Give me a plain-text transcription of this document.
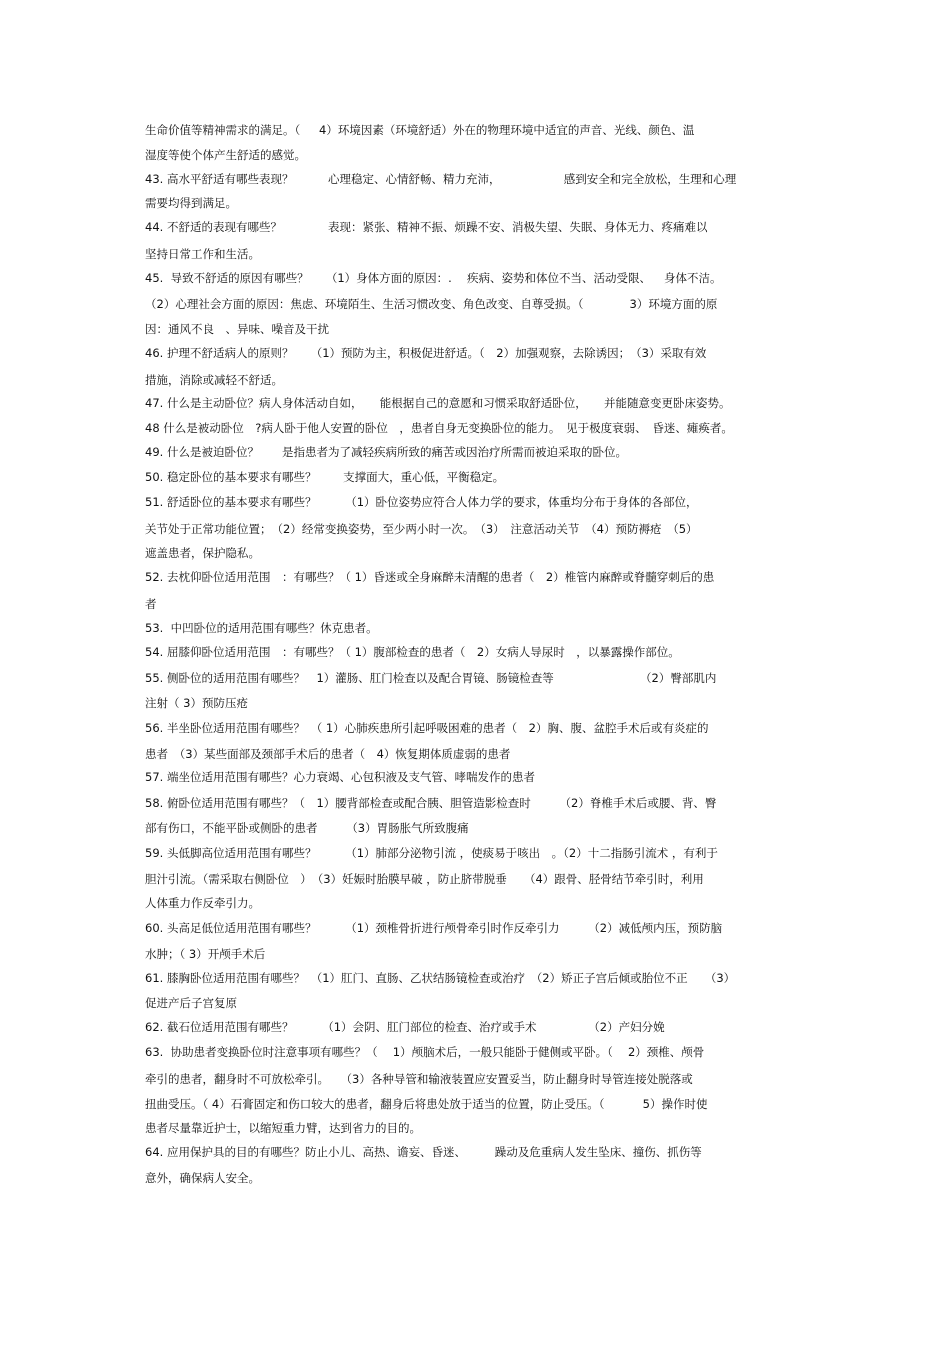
生命价值等精神需求的满足。（　  4）环境因素（环境舒适）外在的物理环境中适宜的声音、光线、颜色、温
湿度等使个体产生舒适的感觉。
43. 高水平舒适有哪些表现？　　　心理稳定、心情舒畅、精力充沛，　　　　　　感到安全和完全放松，生理和心理
需要均得到满足。
44. 不舒适的表现有哪些？　　　　表现：紧张、精神不振、烦躁不安、消极失望、失眠、身体无力、疼痛难以
坚持日常工作和生活。
45.  导致不舒适的原因有哪些？　　（1）身体方面的原因：.　 疾病、姿势和体位不当、活动受限、　  身体不洁。
（2）心理社会方面的原因：焦虑、环境陌生、生活习惯改变、角色改变、自尊受损。（　　　　3）环境方面的原
因：通风不良　、异味、噪音及干扰
46. 护理不舒适病人的原则？　　（1）预防为主，积极促进舒适。（　2）加强观察，去除诱因；　（3）采取有效
措施，消除或减轻不舒适。
47. 什么是主动卧位？病人身体活动自如，　　能根据自己的意愿和习惯采取舒适卧位，　　并能随意变更卧床姿势。
48 什么是被动卧位　?病人卧于他人安置的卧位　，患者自身无变换卧位的能力。　见于极度衰弱、　昏迷、瘫痪者。
49. 什么是被迫卧位？　　是指患者为了减轻疾病所致的痛苦或因治疗所需而被迫采取的卧位。
50. 稳定卧位的基本要求有哪些？　　 支撑面大，重心低，平衡稳定。
51. 舒适卧位的基本要求有哪些？　　　（1）卧位姿势应符合人体力学的要求，体重均分布于身体的各部位，
关节处于正常功能位置；　（2）经常变换姿势，至少两小时一次。　（3）　注意活动关节　（4）预防褥疮　（5）
遮盖患者，保护隐私。
52. 去枕仰卧位适用范围　：有哪些？（ 1）昏迷或全身麻醉未清醒的患者（　2）椎管内麻醉或脊髓穿刺后的患
者
53.  中凹卧位的适用范围有哪些？休克患者。
54. 屈膝仰卧位适用范围　：有哪些？（ 1）腹部检查的患者（　2）女病人导尿时　，以暴露操作部位。
55. 侧卧位的适用范围有哪些？　1）灌肠、肛门检查以及配合胃镜、肠镜检查等　　　　　　　　（2）臀部肌内
注射（ 3）预防压疮
56. 半坐卧位适用范围有哪些？　（ 1）心肺疾患所引起呼吸困难的患者（　2）胸、腹、盆腔手术后或有炎症的
患者　（3）某些面部及颈部手术后的患者（　4）恢复期体质虚弱的患者
57. 端坐位适用范围有哪些？心力衰竭、心包积液及支气管、哮喘发作的患者
58. 俯卧位适用范围有哪些？（　1）腰背部检查或配合胰、胆管造影检查时　　　（2）脊椎手术后或腰、背、臀
部有伤口，不能平卧或侧卧的患者　　　（3）胃肠胀气所致腹痛
59. 头低脚高位适用范围有哪些？　　　（1）肺部分泌物引流 ，使痰易于咳出　。（2）十二指肠引流术 ，有利于
胆汁引流。（需采取右侧卧位　）　（3）妊娠时胎膜早破 ，防止脐带脱垂　　（4）跟骨、胫骨结节牵引时，利用
人体重力作反牵引力。
60. 头高足低位适用范围有哪些？　　　（1）颈椎骨折进行颅骨牵引时作反牵引力　　　（2）减低颅内压，预防脑
水肿；（ 3）开颅手术后
61. 膝胸卧位适用范围有哪些？　（1）肛门、直肠、乙状结肠镜检查或治疗　（2）矫正子宫后倾或胎位不正　　（3）
促进产后子宫复原
62. 截石位适用范围有哪些？　　　（1）会阴、肛门部位的检查、治疗或手术　　　　　（2）产妇分娩
63.  协助患者变换卧位时注意事项有哪些？（　 1）颅脑术后，一般只能卧于健侧或平卧。（　 2）颈椎、颅骨
牵引的患者，翻身时不可放松牵引。　　（3）各种导管和输液装置应安置妥当，防止翻身时导管连接处脱落或
扭曲受压。（ 4）石膏固定和伤口较大的患者，翻身后将患处放于适当的位置，防止受压。（　　　 5）操作时使
患者尽量靠近护士，以缩短重力臂，达到省力的目的。
64. 应用保护具的目的有哪些？防止小儿、高热、谵妄、昏迷、　　　躁动及危重病人发生坠床、撞伤、抓伤等
意外，确保病人安全。
